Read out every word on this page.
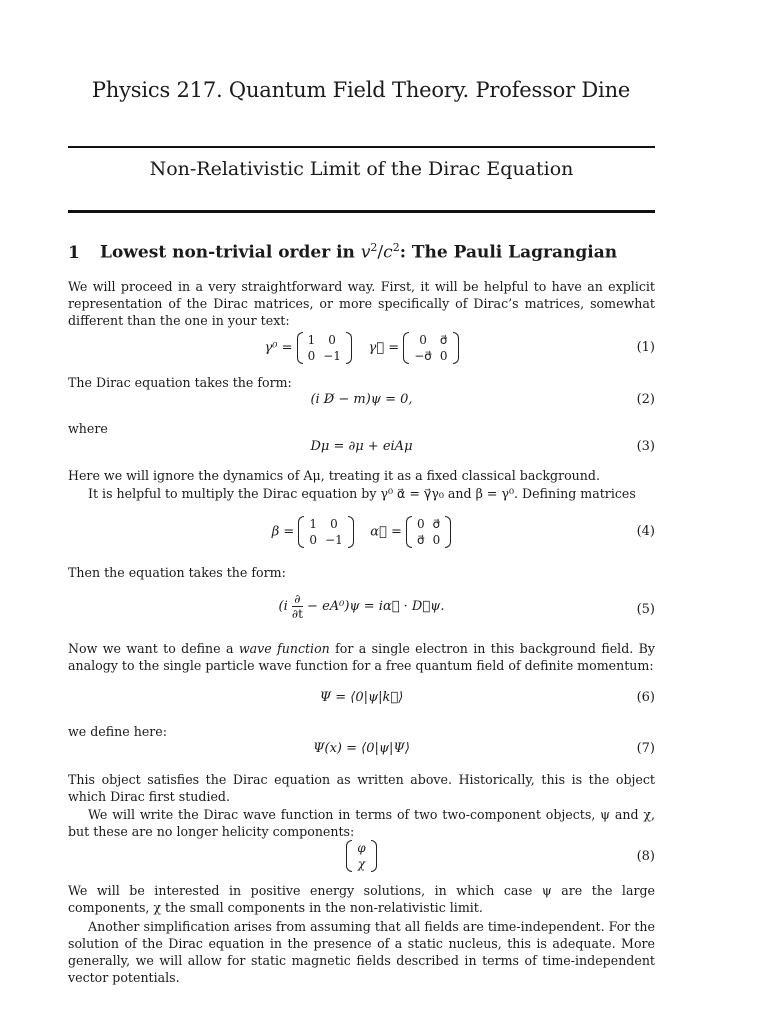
Physics 217. Quantum Field Theory. Professor Dine
Non-Relativistic Limit of the Dirac Equation
1 Lowest non-trivial order in $v^2/c^2$: The Pauli Lagrangian
We will proceed in a very straightforward way. First, it will be helpful to have an explicit representation of the Dirac matrices, or more specifically of Dirac’s matrices, somewhat different than the one in your text:
γ⁰ =
1	0
0	−1
γ⃗ =
0	σ⃗
−σ⃗	0
(1)
The Dirac equation takes the form:
(i D̸ − m)ψ = 0,	(2)
where
Dμ = ∂μ + eiAμ	(3)
Here we will ignore the dynamics of Aμ, treating it as a fixed classical background.
It is helpful to multiply the Dirac equation by γ⁰ α⃗ = γ⃗γ₀ and β = γ⁰. Defining matrices
β =
1	0
0	−1
α⃗ =
0	σ⃗
σ⃗	0
(4)
Then the equation takes the form:
$(i \frac{\partial}{\partial t} - eA^0)\psi$ = iα⃗ · D⃗ψ.	(5)
Now we want to define a wave function for a single electron in this background field. By analogy to the single particle wave function for a free quantum field of definite momentum:
Ψ = ⟨0|ψ|k⃗⟩	(6)
we define here:
Ψ(x) = ⟨0|ψ|Ψ⟩	(7)
This object satisfies the Dirac equation as written above. Historically, this is the object which Dirac first studied.
We will write the Dirac wave function in terms of two two-component objects, ψ and χ, but these are no longer helicity components:
φ
χ	(8)
We will be interested in positive energy solutions, in which case ψ are the large components, χ the small components in the non-relativistic limit.
Another simplification arises from assuming that all fields are time-independent. For the solution of the Dirac equation in the presence of a static nucleus, this is adequate. More generally, we will allow for static magnetic fields described in terms of time-independent vector potentials.
